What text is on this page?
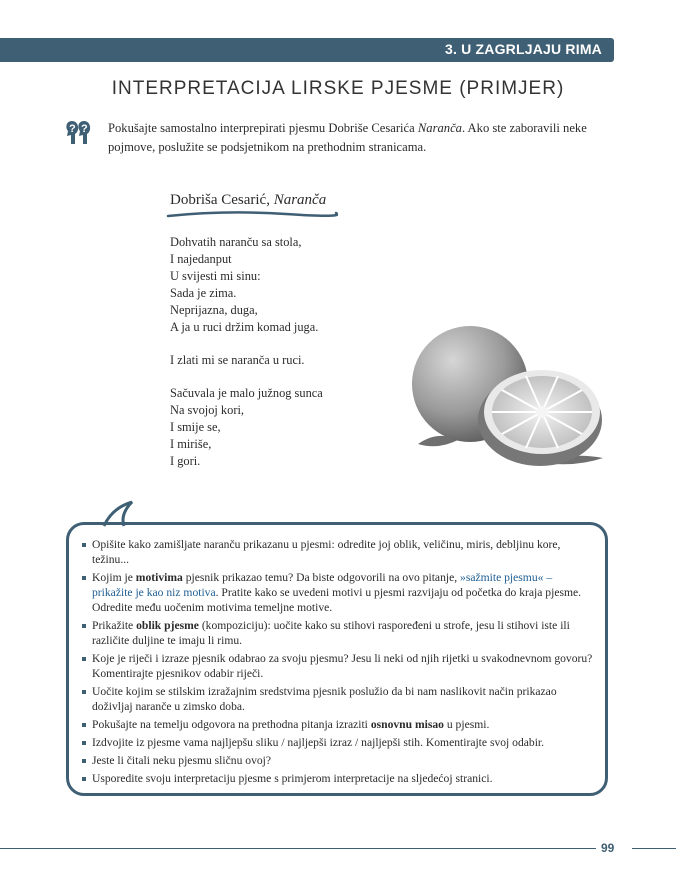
3. U ZAGRLJAJU RIMA
INTERPRETACIJA LIRSKE PJESME (PRIMJER)
? ? Pokušajte samostalno interprepirati pjesmu Dobriše Cesarića Naranča. Ako ste zaboravili neke pojmove, poslužite se podsjetnikom na prethodnim stranicama.
Dobriša Cesarić, Naranča
Dohvatih naranču sa stola,
I najedanput
U svijesti mi sinu:
Sada je zima.
Neprijazna, duga,
A ja u ruci držim komad juga.
I zlati mi se naranča u ruci.
Sačuvala je malo južnog sunca
Na svojoj kori,
I smije se,
I miriše,
I gori.
Opišite kako zamišljate naranču prikazanu u pjesmi: odredite joj oblik, veličinu, miris, debljinu kore, težinu...
Kojim je motivima pjesnik prikazao temu? Da biste odgovorili na ovo pitanje, »sažmite pjesmu« – prikažite je kao niz motiva. Pratite kako se uvedeni motivi u pjesmi razvijaju od početka do kraja pjesme. Odredite među uočenim motivima temeljne motive.
Prikažite oblik pjesme (kompoziciju): uočite kako su stihovi raspoređeni u strofe, jesu li stihovi iste ili različite duljine te imaju li rimu.
Koje je riječi i izraze pjesnik odabrao za svoju pjesmu? Jesu li neki od njih rijetki u svakodnevnom govoru? Komentirajte pjesnikov odabir riječi.
Uočite kojim se stilskim izražajnim sredstvima pjesnik poslužio da bi nam naslikovit način prikazao doživljaj naranče u zimsko doba.
Pokušajte na temelju odgovora na prethodna pitanja izraziti osnovnu misao u pjesmi.
Izdvojite iz pjesme vama najljepšu sliku / najljepši izraz / najljepši stih. Komentirajte svoj odabir.
Jeste li čitali neku pjesmu sličnu ovoj?
Usporedite svoju interpretaciju pjesme s primjerom interpretacije na sljedećoj stranici.
99
